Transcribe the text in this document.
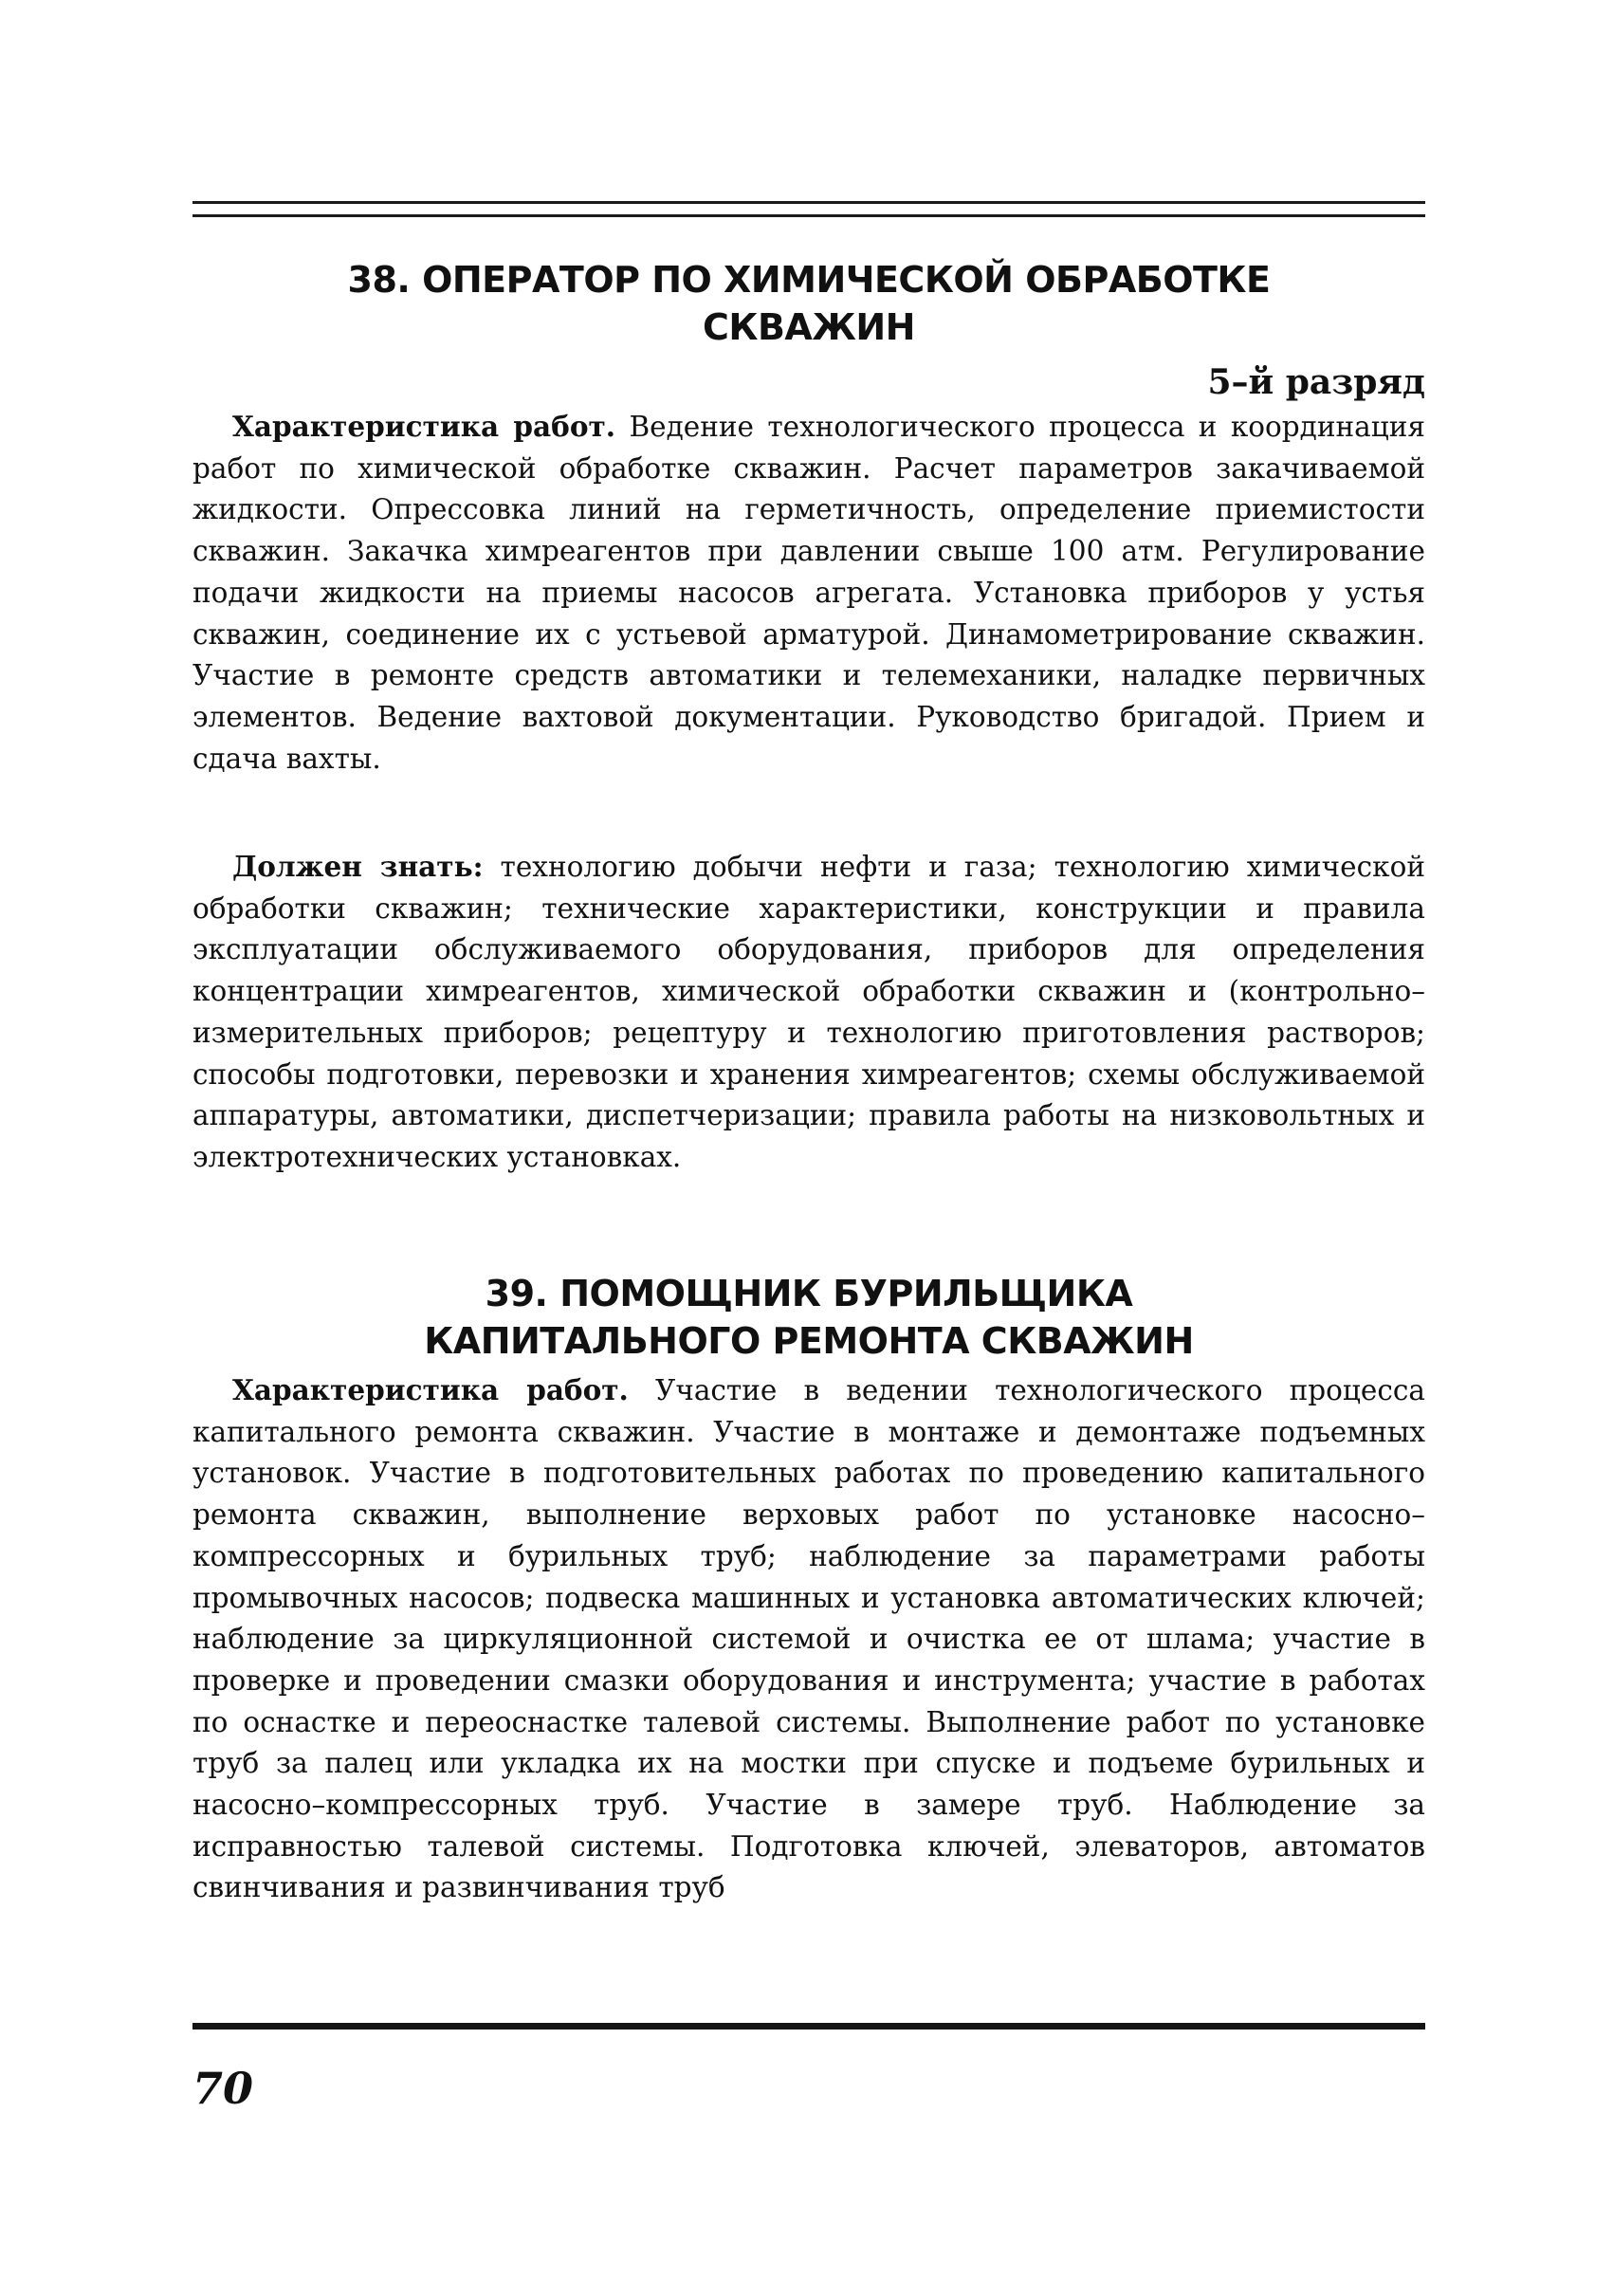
38. ОПЕРАТОР ПО ХИМИЧЕСКОЙ ОБРАБОТКЕ
СКВАЖИН
5–й разряд

Характеристика работ. Ведение технологического процесса и координация работ по химической обработке скважин. Расчет параметров закачиваемой жидкости. Опрессовка линий на герметичность, определение приемистости скважин. Закачка химреагентов при давлении свыше 100 атм. Регулирование подачи жидкости на приемы насосов агрегата. Установка приборов у устья скважин, соединение их с устьевой арматурой. Динамометрирование скважин. Участие в ремонте средств автоматики и телемеханики, наладке первичных элементов. Ведение вахтовой документации. Руководство бригадой. Прием и сдача вахты.

Должен знать: технологию добычи нефти и газа; технологию химической обработки скважин; технические характеристики, конструкции и правила эксплуатации обслуживаемого оборудования, приборов для определения концентрации химреагентов, химической обработки скважин и (контрольно–измерительных приборов; рецептуру и технологию приготовления растворов; способы подготовки, перевозки и хранения химреагентов; схемы обслуживаемой аппаратуры, автоматики, диспетчеризации; правила работы на низковольтных и электротехнических установках.

39. ПОМОЩНИК БУРИЛЬЩИКА
КАПИТАЛЬНОГО РЕМОНТА СКВАЖИН

Характеристика работ. Участие в ведении технологического процесса капитального ремонта скважин. Участие в монтаже и демонтаже подъемных установок. Участие в подготовительных работах по проведению капитального ремонта скважин, выполнение верховых работ по установке насосно–компрессорных и бурильных труб; наблюдение за параметрами работы промывочных насосов; подвеска машинных и установка автоматических ключей; наблюдение за циркуляционной системой и очистка ее от шлама; участие в проверке и проведении смазки оборудования и инструмента; участие в работах по оснастке и переоснастке талевой системы. Выполнение работ по установке труб за палец или укладка их на мостки при спуске и подъеме бурильных и насосно–компрессорных труб. Участие в замере труб. Наблюдение за исправностью талевой системы. Подготовка ключей, элеваторов, автоматов свинчивания и развинчивания труб

70
